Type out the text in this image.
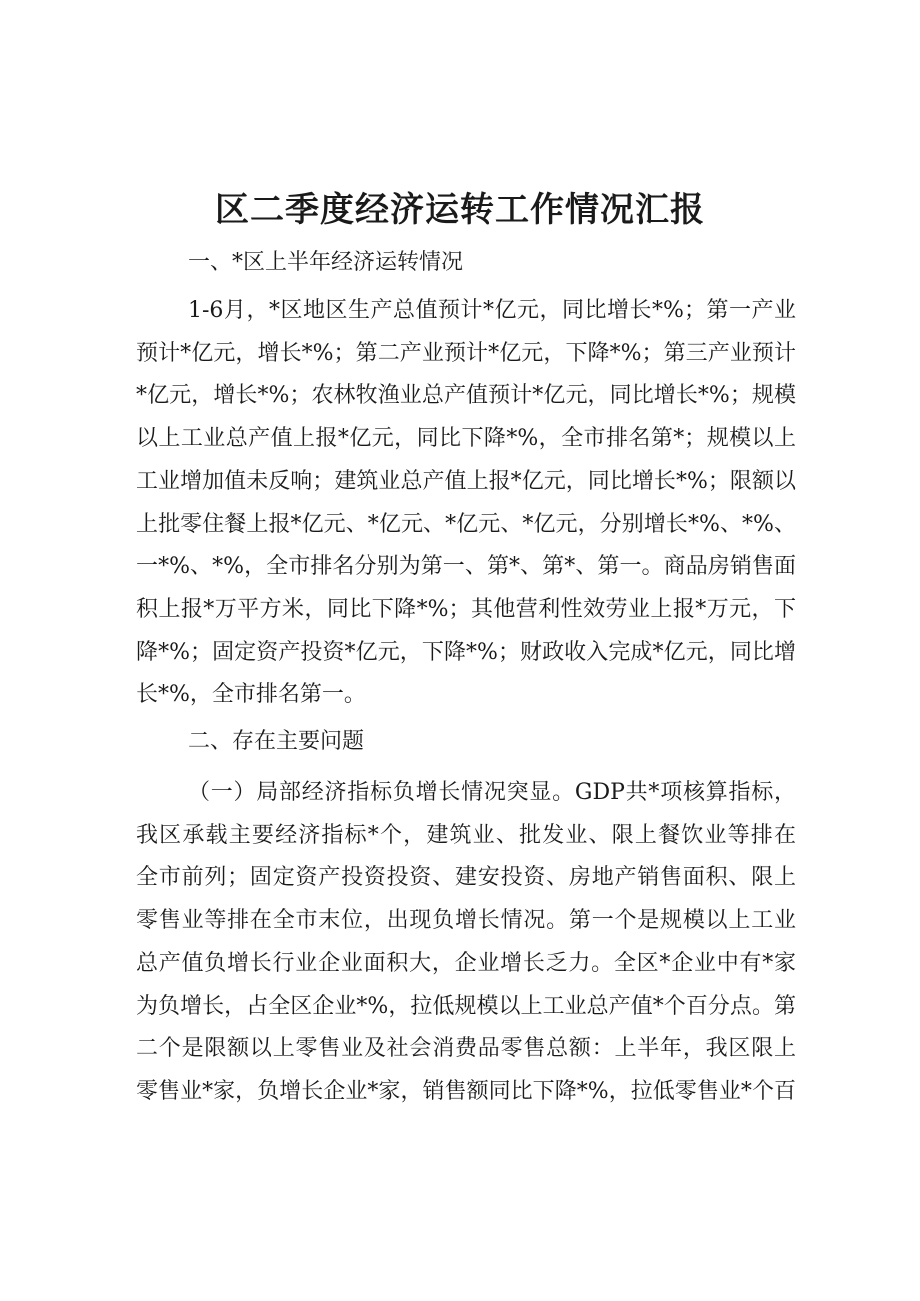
区二季度经济运转工作情况汇报

一、*区上半年经济运转情况

1-6月，*区地区生产总值预计*亿元，同比增长*%；第一产业
预计*亿元，增长*%；第二产业预计*亿元，下降*%；第三产业预计
*亿元，增长*%；农林牧渔业总产值预计*亿元，同比增长*%；规模
以上工业总产值上报*亿元，同比下降*%，全市排名第*；规模以上
工业增加值未反响；建筑业总产值上报*亿元，同比增长*%；限额以
上批零住餐上报*亿元、*亿元、*亿元、*亿元，分别增长*%、*%、
一*%、*%，全市排名分别为第一、第*、第*、第一。商品房销售面
积上报*万平方米，同比下降*%；其他营利性效劳业上报*万元，下
降*%；固定资产投资*亿元，下降*%；财政收入完成*亿元，同比增
长*%，全市排名第一。

二、存在主要问题

（一）局部经济指标负增长情况突显。GDP共*项核算指标，
我区承载主要经济指标*个，建筑业、批发业、限上餐饮业等排在
全市前列；固定资产投资投资、建安投资、房地产销售面积、限上
零售业等排在全市末位，出现负增长情况。第一个是规模以上工业
总产值负增长行业企业面积大，企业增长乏力。全区*企业中有*家
为负增长，占全区企业*%，拉低规模以上工业总产值*个百分点。第
二个是限额以上零售业及社会消费品零售总额：上半年，我区限上
零售业*家，负增长企业*家，销售额同比下降*%，拉低零售业*个百
